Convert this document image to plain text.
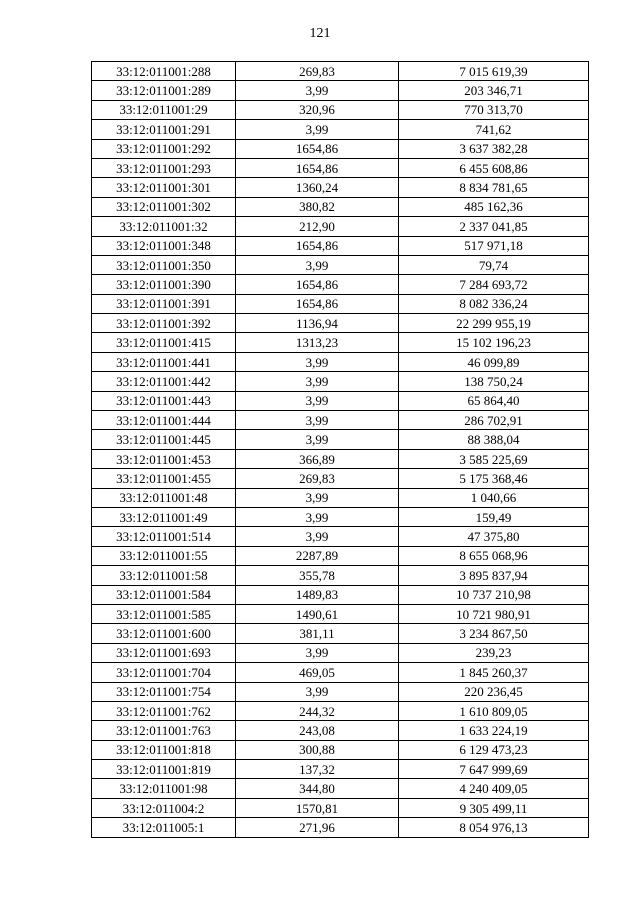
121
33:12:011001:288	269,83	7 015 619,39
33:12:011001:289	3,99	203 346,71
33:12:011001:29	320,96	770 313,70
33:12:011001:291	3,99	741,62
33:12:011001:292	1654,86	3 637 382,28
33:12:011001:293	1654,86	6 455 608,86
33:12:011001:301	1360,24	8 834 781,65
33:12:011001:302	380,82	485 162,36
33:12:011001:32	212,90	2 337 041,85
33:12:011001:348	1654,86	517 971,18
33:12:011001:350	3,99	79,74
33:12:011001:390	1654,86	7 284 693,72
33:12:011001:391	1654,86	8 082 336,24
33:12:011001:392	1136,94	22 299 955,19
33:12:011001:415	1313,23	15 102 196,23
33:12:011001:441	3,99	46 099,89
33:12:011001:442	3,99	138 750,24
33:12:011001:443	3,99	65 864,40
33:12:011001:444	3,99	286 702,91
33:12:011001:445	3,99	88 388,04
33:12:011001:453	366,89	3 585 225,69
33:12:011001:455	269,83	5 175 368,46
33:12:011001:48	3,99	1 040,66
33:12:011001:49	3,99	159,49
33:12:011001:514	3,99	47 375,80
33:12:011001:55	2287,89	8 655 068,96
33:12:011001:58	355,78	3 895 837,94
33:12:011001:584	1489,83	10 737 210,98
33:12:011001:585	1490,61	10 721 980,91
33:12:011001:600	381,11	3 234 867,50
33:12:011001:693	3,99	239,23
33:12:011001:704	469,05	1 845 260,37
33:12:011001:754	3,99	220 236,45
33:12:011001:762	244,32	1 610 809,05
33:12:011001:763	243,08	1 633 224,19
33:12:011001:818	300,88	6 129 473,23
33:12:011001:819	137,32	7 647 999,69
33:12:011001:98	344,80	4 240 409,05
33:12:011004:2	1570,81	9 305 499,11
33:12:011005:1	271,96	8 054 976,13
